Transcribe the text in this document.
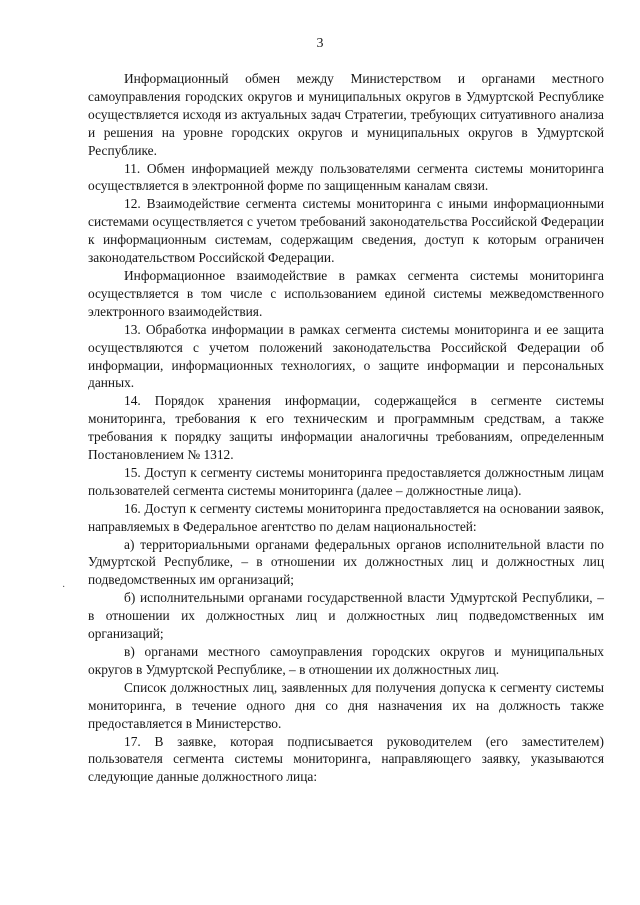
3
·

Информационный обмен между Министерством и органами местного самоуправления городских округов и муниципальных округов в Удмуртской Республике осуществляется исходя из актуальных задач Стратегии, требующих ситуативного анализа и решения на уровне городских округов и муниципальных округов в Удмуртской Республике.

11. Обмен информацией между пользователями сегмента системы мониторинга осуществляется в электронной форме по защищенным каналам связи.

12. Взаимодействие сегмента системы мониторинга с иными информационными системами осуществляется с учетом требований законодательства Российской Федерации к информационным системам, содержащим сведения, доступ к которым ограничен законодательством Российской Федерации.

Информационное взаимодействие в рамках сегмента системы мониторинга осуществляется в том числе с использованием единой системы межведомственного электронного взаимодействия.

13. Обработка информации в рамках сегмента системы мониторинга и ее защита осуществляются с учетом положений законодательства Российской Федерации об информации, информационных технологиях, о защите информации и персональных данных.

14. Порядок хранения информации, содержащейся в сегменте системы мониторинга, требования к его техническим и программным средствам, а также требования к порядку защиты информации аналогичны требованиям, определенным Постановлением № 1312.

15. Доступ к сегменту системы мониторинга предоставляется должностным лицам пользователей сегмента системы мониторинга (далее – должностные лица).

16. Доступ к сегменту системы мониторинга предоставляется на основании заявок, направляемых в Федеральное агентство по делам национальностей:

а) территориальными органами федеральных органов исполнительной власти по Удмуртской Республике, – в отношении их должностных лиц и должностных лиц подведомственных им организаций;

б) исполнительными органами государственной власти Удмуртской Республики, – в отношении их должностных лиц и должностных лиц подведомственных им организаций;

в) органами местного самоуправления городских округов и муниципальных округов в Удмуртской Республике, – в отношении их должностных лиц.

Список должностных лиц, заявленных для получения допуска к сегменту системы мониторинга, в течение одного дня со дня назначения их на должность также предоставляется в Министерство.

17. В заявке, которая подписывается руководителем (его заместителем) пользователя сегмента системы мониторинга, направляющего заявку, указываются следующие данные должностного лица:
